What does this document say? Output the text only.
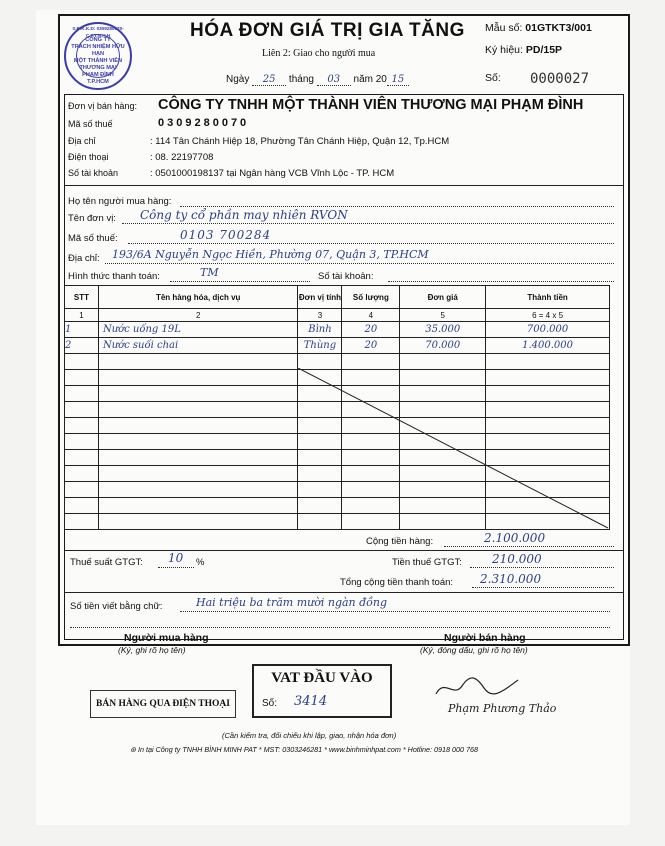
CÔNG TY
TRÁCH NHIỆM HỮU HẠN
MỘT THÀNH VIÊN
THƯƠNG MẠI
PHẠM ĐÌNH

S.Đ.K.K.D: 0309280070-C.T.T.N.H.H
T.P.HCM
HÓA ĐƠN GIÁ TRỊ GIA TĂNG
Liên 2: Giao cho người mua
Ngày 25 tháng 03 năm 20 15
Mẫu số: 01GTKT3/001
Ký hiệu: PD/15P
Số: 0000027
Đơn vị bán hàng: CÔNG TY TNHH MỘT THÀNH VIÊN THƯƠNG MẠI PHẠM ĐÌNH
Mã số thuế	0309280070
Địa chỉ	: 114 Tân Chánh Hiệp 18, Phường Tân Chánh Hiệp, Quận 12, Tp.HCM
Điện thoại	: 08. 22197708
Số tài khoản	: 0501000198137 tại Ngân hàng VCB Vĩnh Lộc - TP. HCM
Họ tên người mua hàng:
Tên đơn vị: Công ty cổ phần may nhiên RVON
Mã số thuế:	0103 700284
Địa chỉ: 193/6A Nguyễn Ngọc Hiền, Phường 07, Quận 3, TP.HCM
Hình thức thanh toán:	TM	Số tài khoản:
STT	Tên hàng hóa, dịch vụ	Đơn vị tính	Số lượng	Đơn giá	Thành tiền
1	2	3	4	5	6 = 4 x 5
1	Nước uống 19L	Bình	20	35.000	700.000
2	Nước suối chai	Thùng	20	70.000	1.400.000

Cộng tiền hàng:	2.100.000
Thuế suất GTGT: 10 %	Tiền thuế GTGT:	210.000
Tổng cộng tiền thanh toán: 2.310.000
Số tiền viết bằng chữ:	Hai triệu ba trăm mười ngàn đồng
Người mua hàng
(Ký, ghi rõ họ tên)
Người bán hàng
(Ký, đóng dấu, ghi rõ họ tên)
BÁN HÀNG QUA ĐIỆN THOẠI
VAT ĐẦU VÀO
Số: 3414	Phạm Phương Thảo
(Cần kiểm tra, đối chiếu khi lập, giao, nhận hóa đơn)
⊛ In tại Công ty TNHH BÌNH MINH PAT * MST: 0303246281 * www.binhminhpat.com * Hotline: 0918 000 768
